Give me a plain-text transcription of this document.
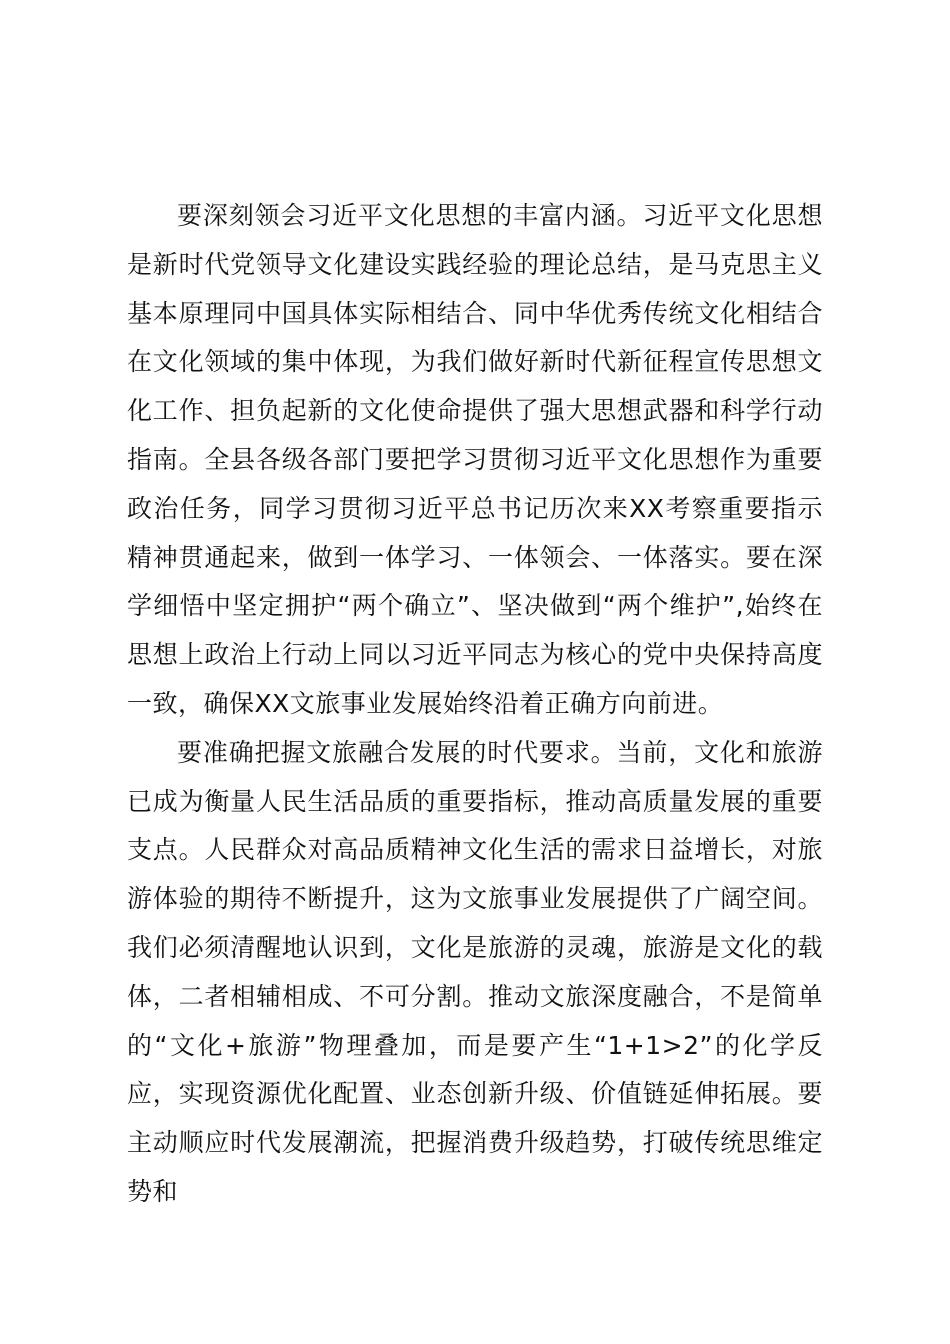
要深刻领会习近平文化思想的丰富内涵。习近平文化思想是新时代党领导文化建设实践经验的理论总结，是马克思主义基本原理同中国具体实际相结合、同中华优秀传统文化相结合在文化领域的集中体现，为我们做好新时代新征程宣传思想文化工作、担负起新的文化使命提供了强大思想武器和科学行动指南。全县各级各部门要把学习贯彻习近平文化思想作为重要政治任务，同学习贯彻习近平总书记历次来XX考察重要指示精神贯通起来，做到一体学习、一体领会、一体落实。要在深学细悟中坚定拥护“两个确立”、坚决做到“两个维护”,始终在思想上政治上行动上同以习近平同志为核心的党中央保持高度一致，确保XX文旅事业发展始终沿着正确方向前进。

要准确把握文旅融合发展的时代要求。当前，文化和旅游已成为衡量人民生活品质的重要指标，推动高质量发展的重要支点。人民群众对高品质精神文化生活的需求日益增长，对旅游体验的期待不断提升，这为文旅事业发展提供了广阔空间。我们必须清醒地认识到，文化是旅游的灵魂，旅游是文化的载体，二者相辅相成、不可分割。推动文旅深度融合，不是简单的“文化+旅游”物理叠加，而是要产生“1+1>2”的化学反应，实现资源优化配置、业态创新升级、价值链延伸拓展。要主动顺应时代发展潮流，把握消费升级趋势，打破传统思维定势和
